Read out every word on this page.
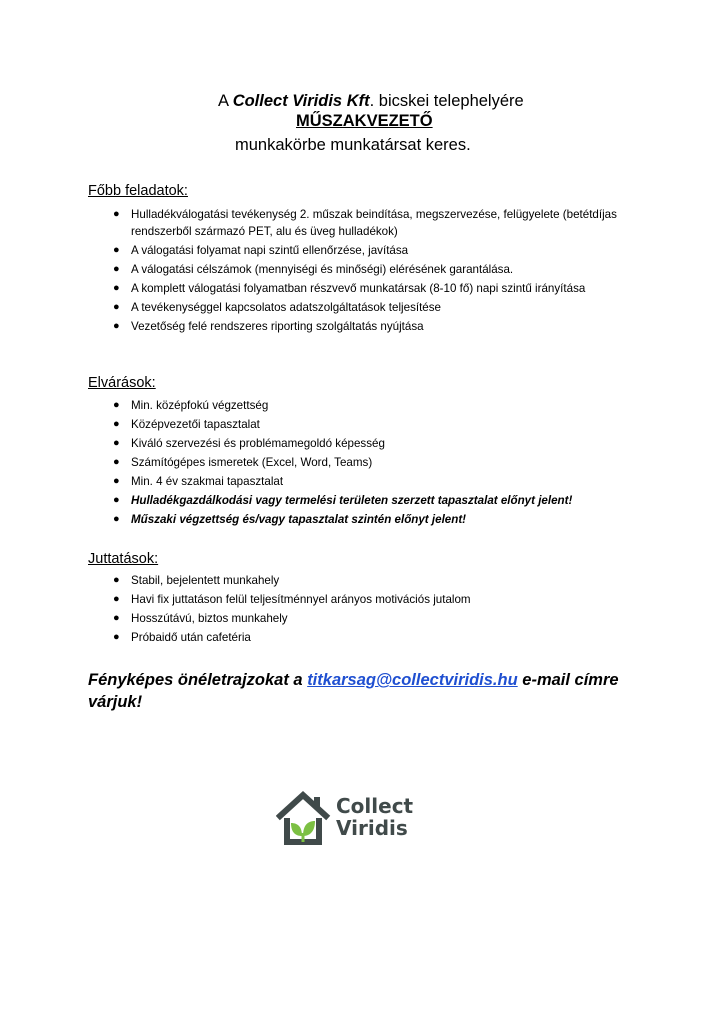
A Collect Viridis Kft. bicskei telephelyére
MŰSZAKVEZETŐ
munkakörbe munkatársat keres.
Főbb feladatok:
● Hulladékválogatási tevékenység 2. műszak beindítása, megszervezése, felügyelete (betétdíjas rendszerből származó PET, alu és üveg hulladékok)
● A válogatási folyamat napi szintű ellenőrzése, javítása
● A válogatási célszámok (mennyiségi és minőségi) elérésének garantálása.
● A komplett válogatási folyamatban részvevő munkatársak (8-10 fő) napi szintű irányítása
● A tevékenységgel kapcsolatos adatszolgáltatások teljesítése
● Vezetőség felé rendszeres riporting szolgáltatás nyújtása
Elvárások:
● Min. középfokú végzettség
● Középvezetői tapasztalat
● Kiváló szervezési és problémamegoldó képesség
● Számítógépes ismeretek (Excel, Word, Teams)
● Min. 4 év szakmai tapasztalat
● Hulladékgazdálkodási vagy termelési területen szerzett tapasztalat előnyt jelent!
● Műszaki végzettség és/vagy tapasztalat szintén előnyt jelent!
Juttatások:
● Stabil, bejelentett munkahely
● Havi fix juttatáson felül teljesítménnyel arányos motivációs jutalom
● Hosszútávú, biztos munkahely
● Próbaidő után cafetéria
Fényképes önéletrajzokat a titkarsag@collectviridis.hu e-mail címre várjuk!
Collect
Viridis
